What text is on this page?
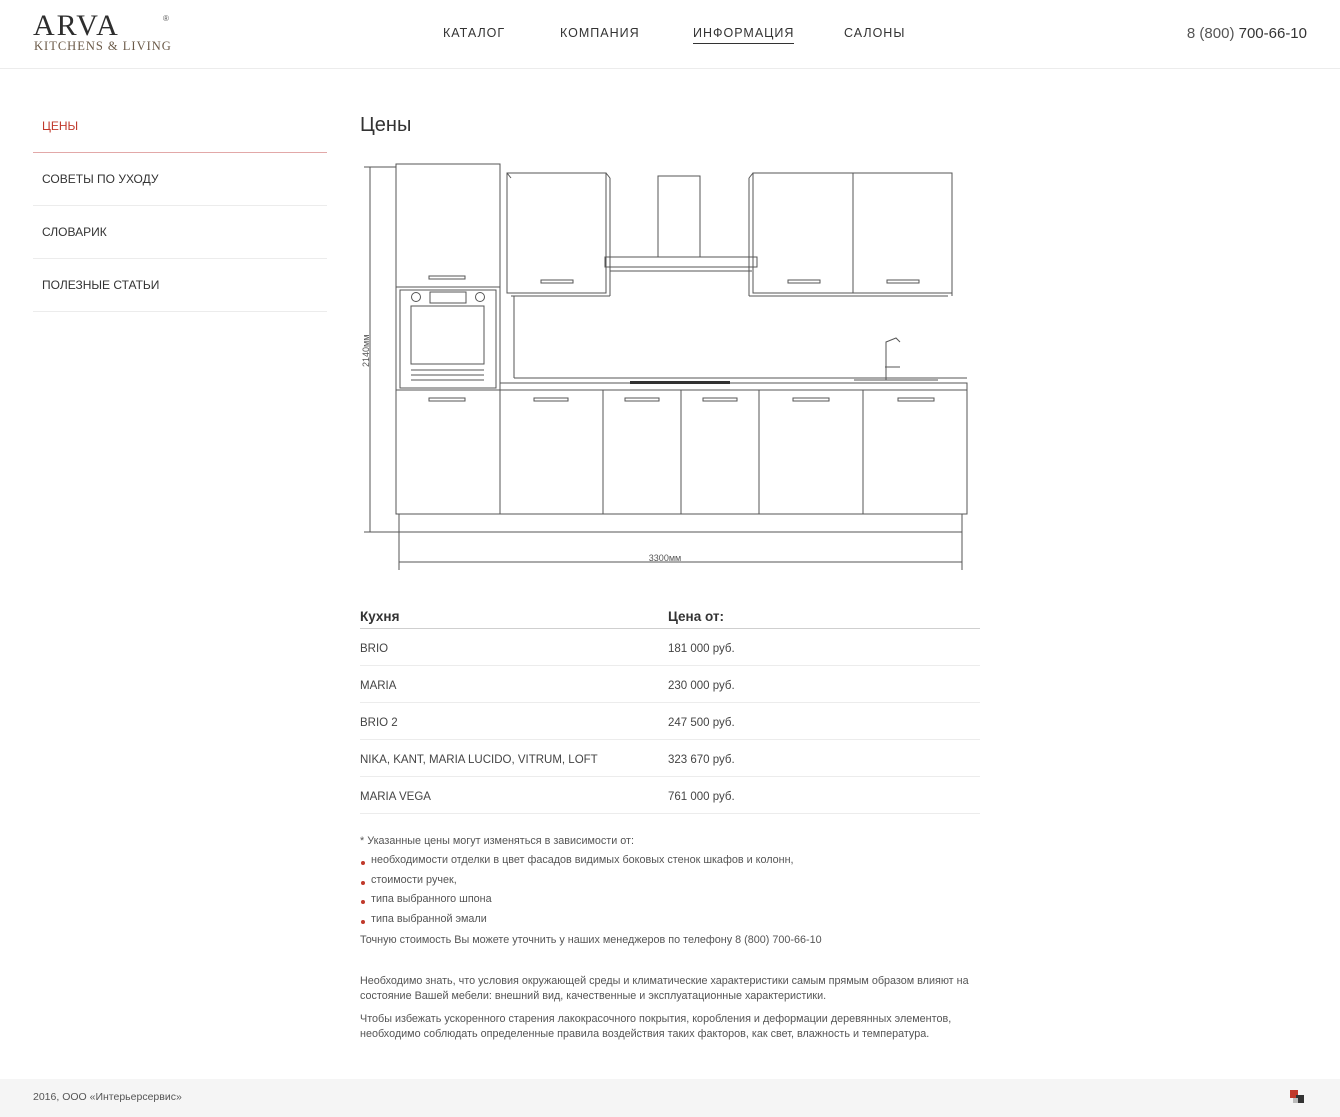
ARVA	®
KITCHENS & LIVING
КАТАЛОГ	КОМПАНИЯ	ИНФОРМАЦИЯ	САЛОНЫ	8 (800) 700-66-10
ЦЕНЫ
СОВЕТЫ ПО УХОДУ
СЛОВАРИК
ПОЛЕЗНЫЕ СТАТЬИ
Цены
2140мм
3300мм
Кухня	Цена от:
BRIO	181 000 руб.
MARIA	230 000 руб.
BRIO 2	247 500 руб.
NIKA, KANT, MARIA LUCIDO, VITRUM, LOFT	323 670 руб.
MARIA VEGA	761 000 руб.

* Указанные цены могут изменяться в зависимости от:

необходимости отделки в цвет фасадов видимых боковых стенок шкафов и колонн,

стоимости ручек,

типа выбранного шпона

типа выбранной эмали

Точную стоимость Вы можете уточнить у наших менеджеров по телефону 8 (800) 700-66-10

Необходимо знать, что условия окружающей среды и климатические характеристики самым прямым образом влияют на состояние Вашей мебели: внешний вид, качественные и эксплуатационные характеристики.

Чтобы избежать ускоренного старения лакокрасочного покрытия, коробления и деформации деревянных элементов, необходимо соблюдать определенные правила воздействия таких факторов, как свет, влажность и температура.

2016, ООО «Интерьерсервис»
